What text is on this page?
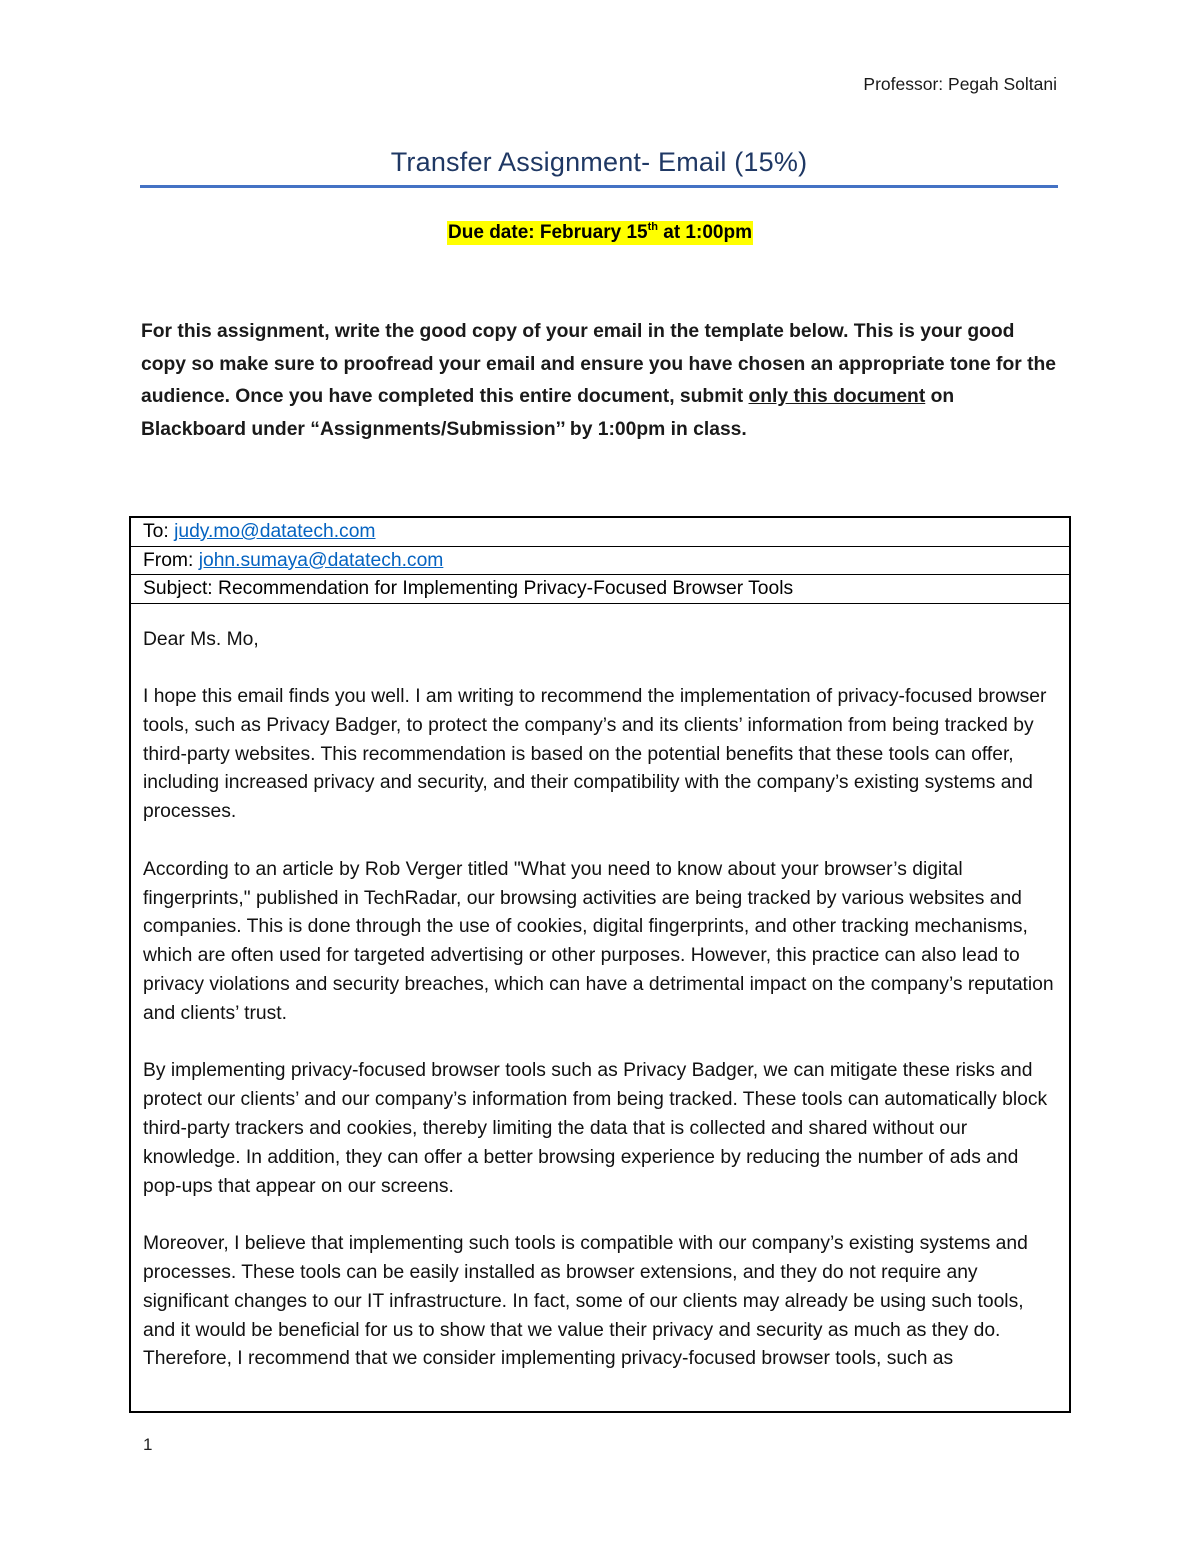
Professor: Pegah Soltani
Transfer Assignment- Email (15%)
Due date: February 15th at 1:00pm
For this assignment, write the good copy of your email in the template below. This is your good copy so make sure to proofread your email and ensure you have chosen an appropriate tone for the audience. Once you have completed this entire document, submit only this document on Blackboard under “Assignments/Submission’’ by 1:00pm in class.
To: judy.mo@datatech.com
From: john.sumaya@datatech.com
Subject: Recommendation for Implementing Privacy-Focused Browser Tools

Dear Ms. Mo,

I hope this email finds you well. I am writing to recommend the implementation of privacy-focused browser tools, such as Privacy Badger, to protect the company’s and its clients’ information from being tracked by third-party websites. This recommendation is based on the potential benefits that these tools can offer, including increased privacy and security, and their compatibility with the company’s existing systems and processes.

According to an article by Rob Verger titled "What you need to know about your browser’s digital fingerprints," published in TechRadar, our browsing activities are being tracked by various websites and companies. This is done through the use of cookies, digital fingerprints, and other tracking mechanisms, which are often used for targeted advertising or other purposes. However, this practice can also lead to privacy violations and security breaches, which can have a detrimental impact on the company’s reputation and clients’ trust.

By implementing privacy-focused browser tools such as Privacy Badger, we can mitigate these risks and protect our clients’ and our company’s information from being tracked. These tools can automatically block third-party trackers and cookies, thereby limiting the data that is collected and shared without our knowledge. In addition, they can offer a better browsing experience by reducing the number of ads and pop-ups that appear on our screens.

Moreover, I believe that implementing such tools is compatible with our company’s existing systems and processes. These tools can be easily installed as browser extensions, and they do not require any significant changes to our IT infrastructure. In fact, some of our clients may already be using such tools, and it would be beneficial for us to show that we value their privacy and security as much as they do.

Therefore, I recommend that we consider implementing privacy-focused browser tools, such as

1
